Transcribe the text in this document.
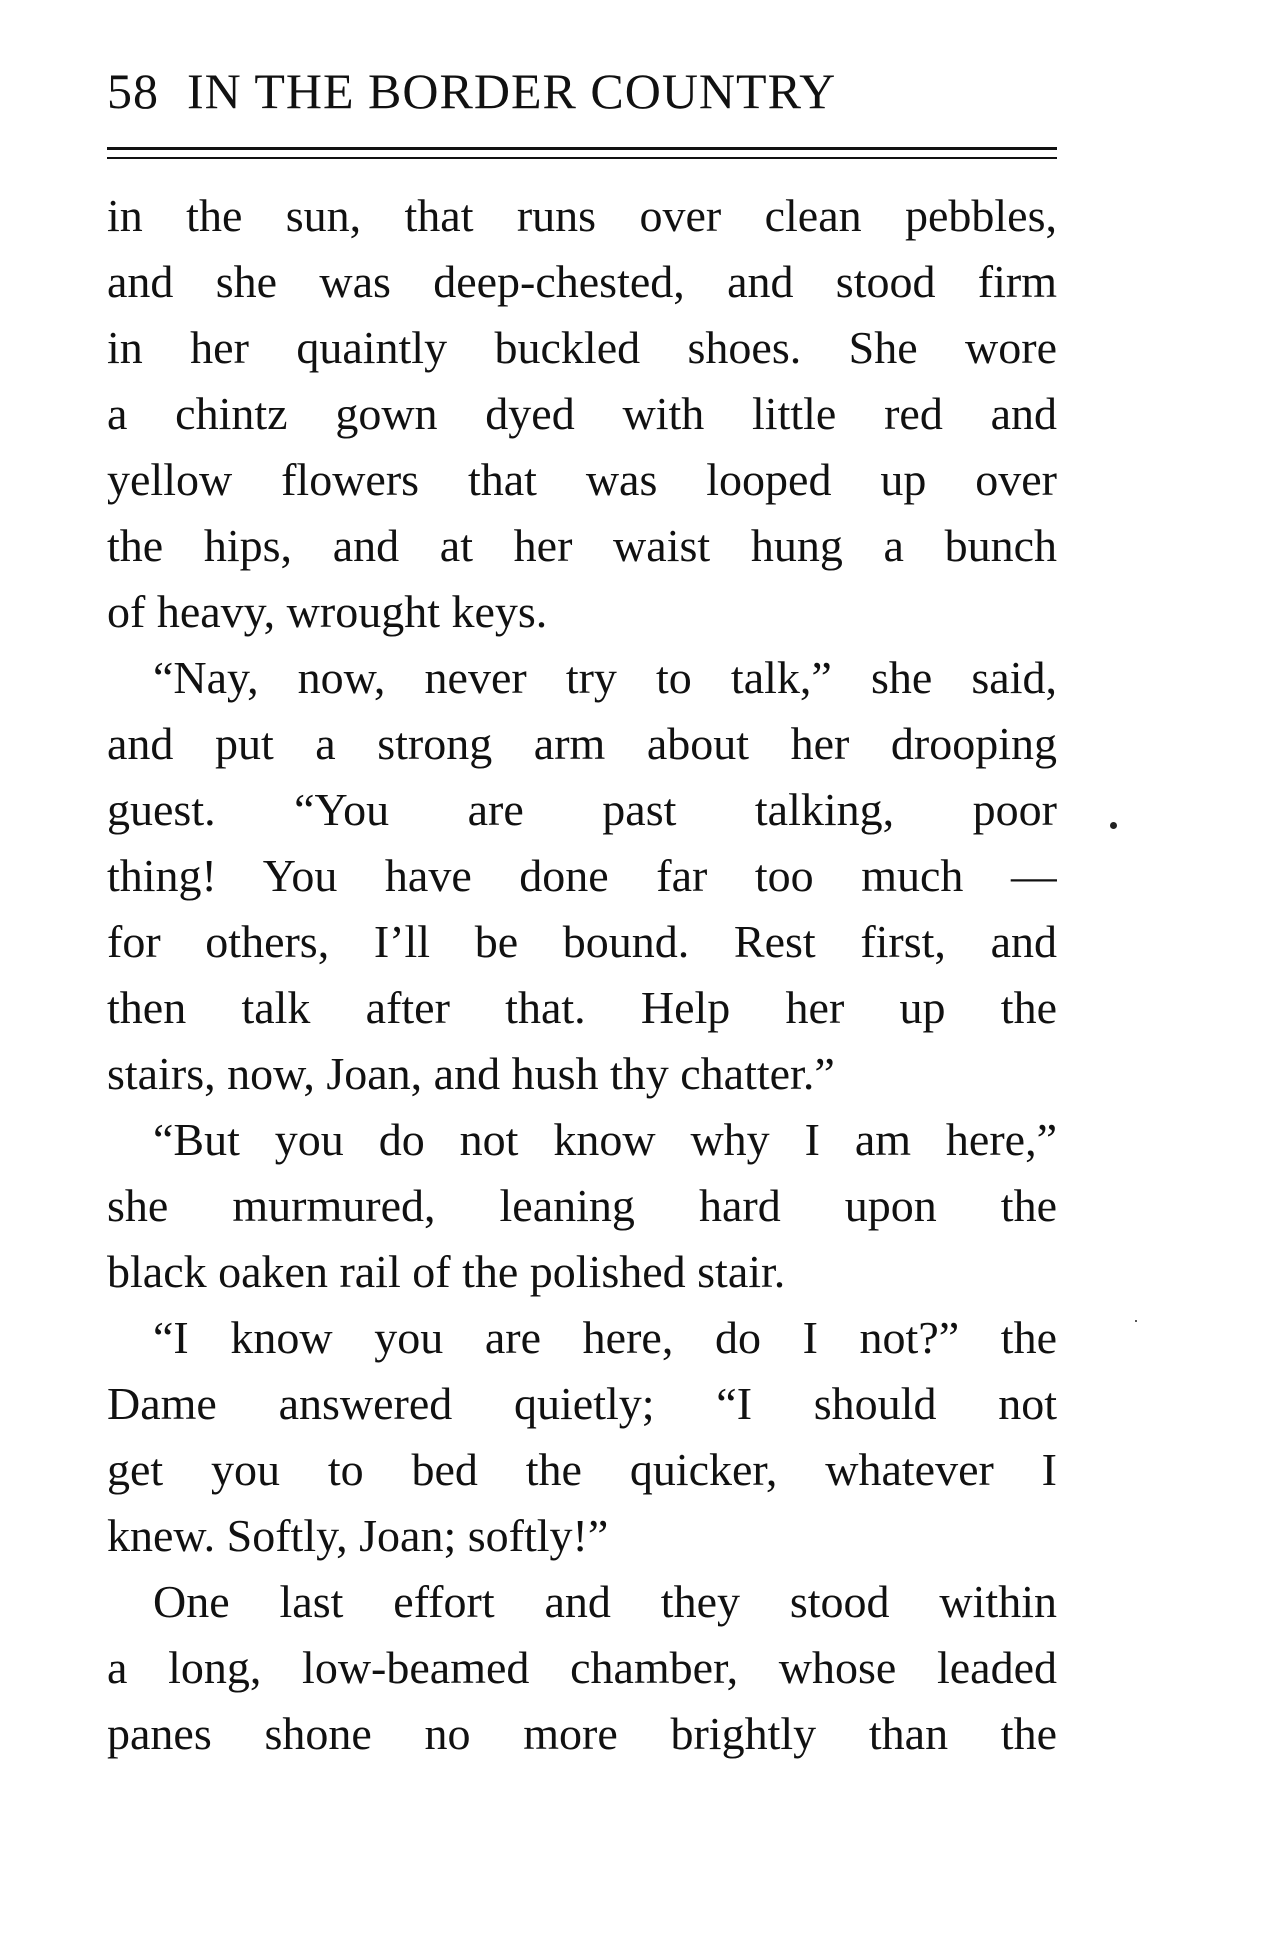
58 IN THE BORDER COUNTRY
in the sun, that runs over clean pebbles,
and she was deep-chested, and stood firm
in her quaintly buckled shoes. She wore
a chintz gown dyed with little red and
yellow flowers that was looped up over
the hips, and at her waist hung a bunch
of heavy, wrought keys.
“Nay, now, never try to talk,” she said,
and put a strong arm about her drooping
guest. “You are past talking, poor
thing! You have done far too much —
for others, I’ll be bound. Rest first, and
then talk after that. Help her up the
stairs, now, Joan, and hush thy chatter.”
“But you do not know why I am here,”
she murmured, leaning hard upon the
black oaken rail of the polished stair.
“I know you are here, do I not?” the
Dame answered quietly; “I should not
get you to bed the quicker, whatever I
knew. Softly, Joan; softly!”
One last effort and they stood within
a long, low-beamed chamber, whose leaded
panes shone no more brightly than the
